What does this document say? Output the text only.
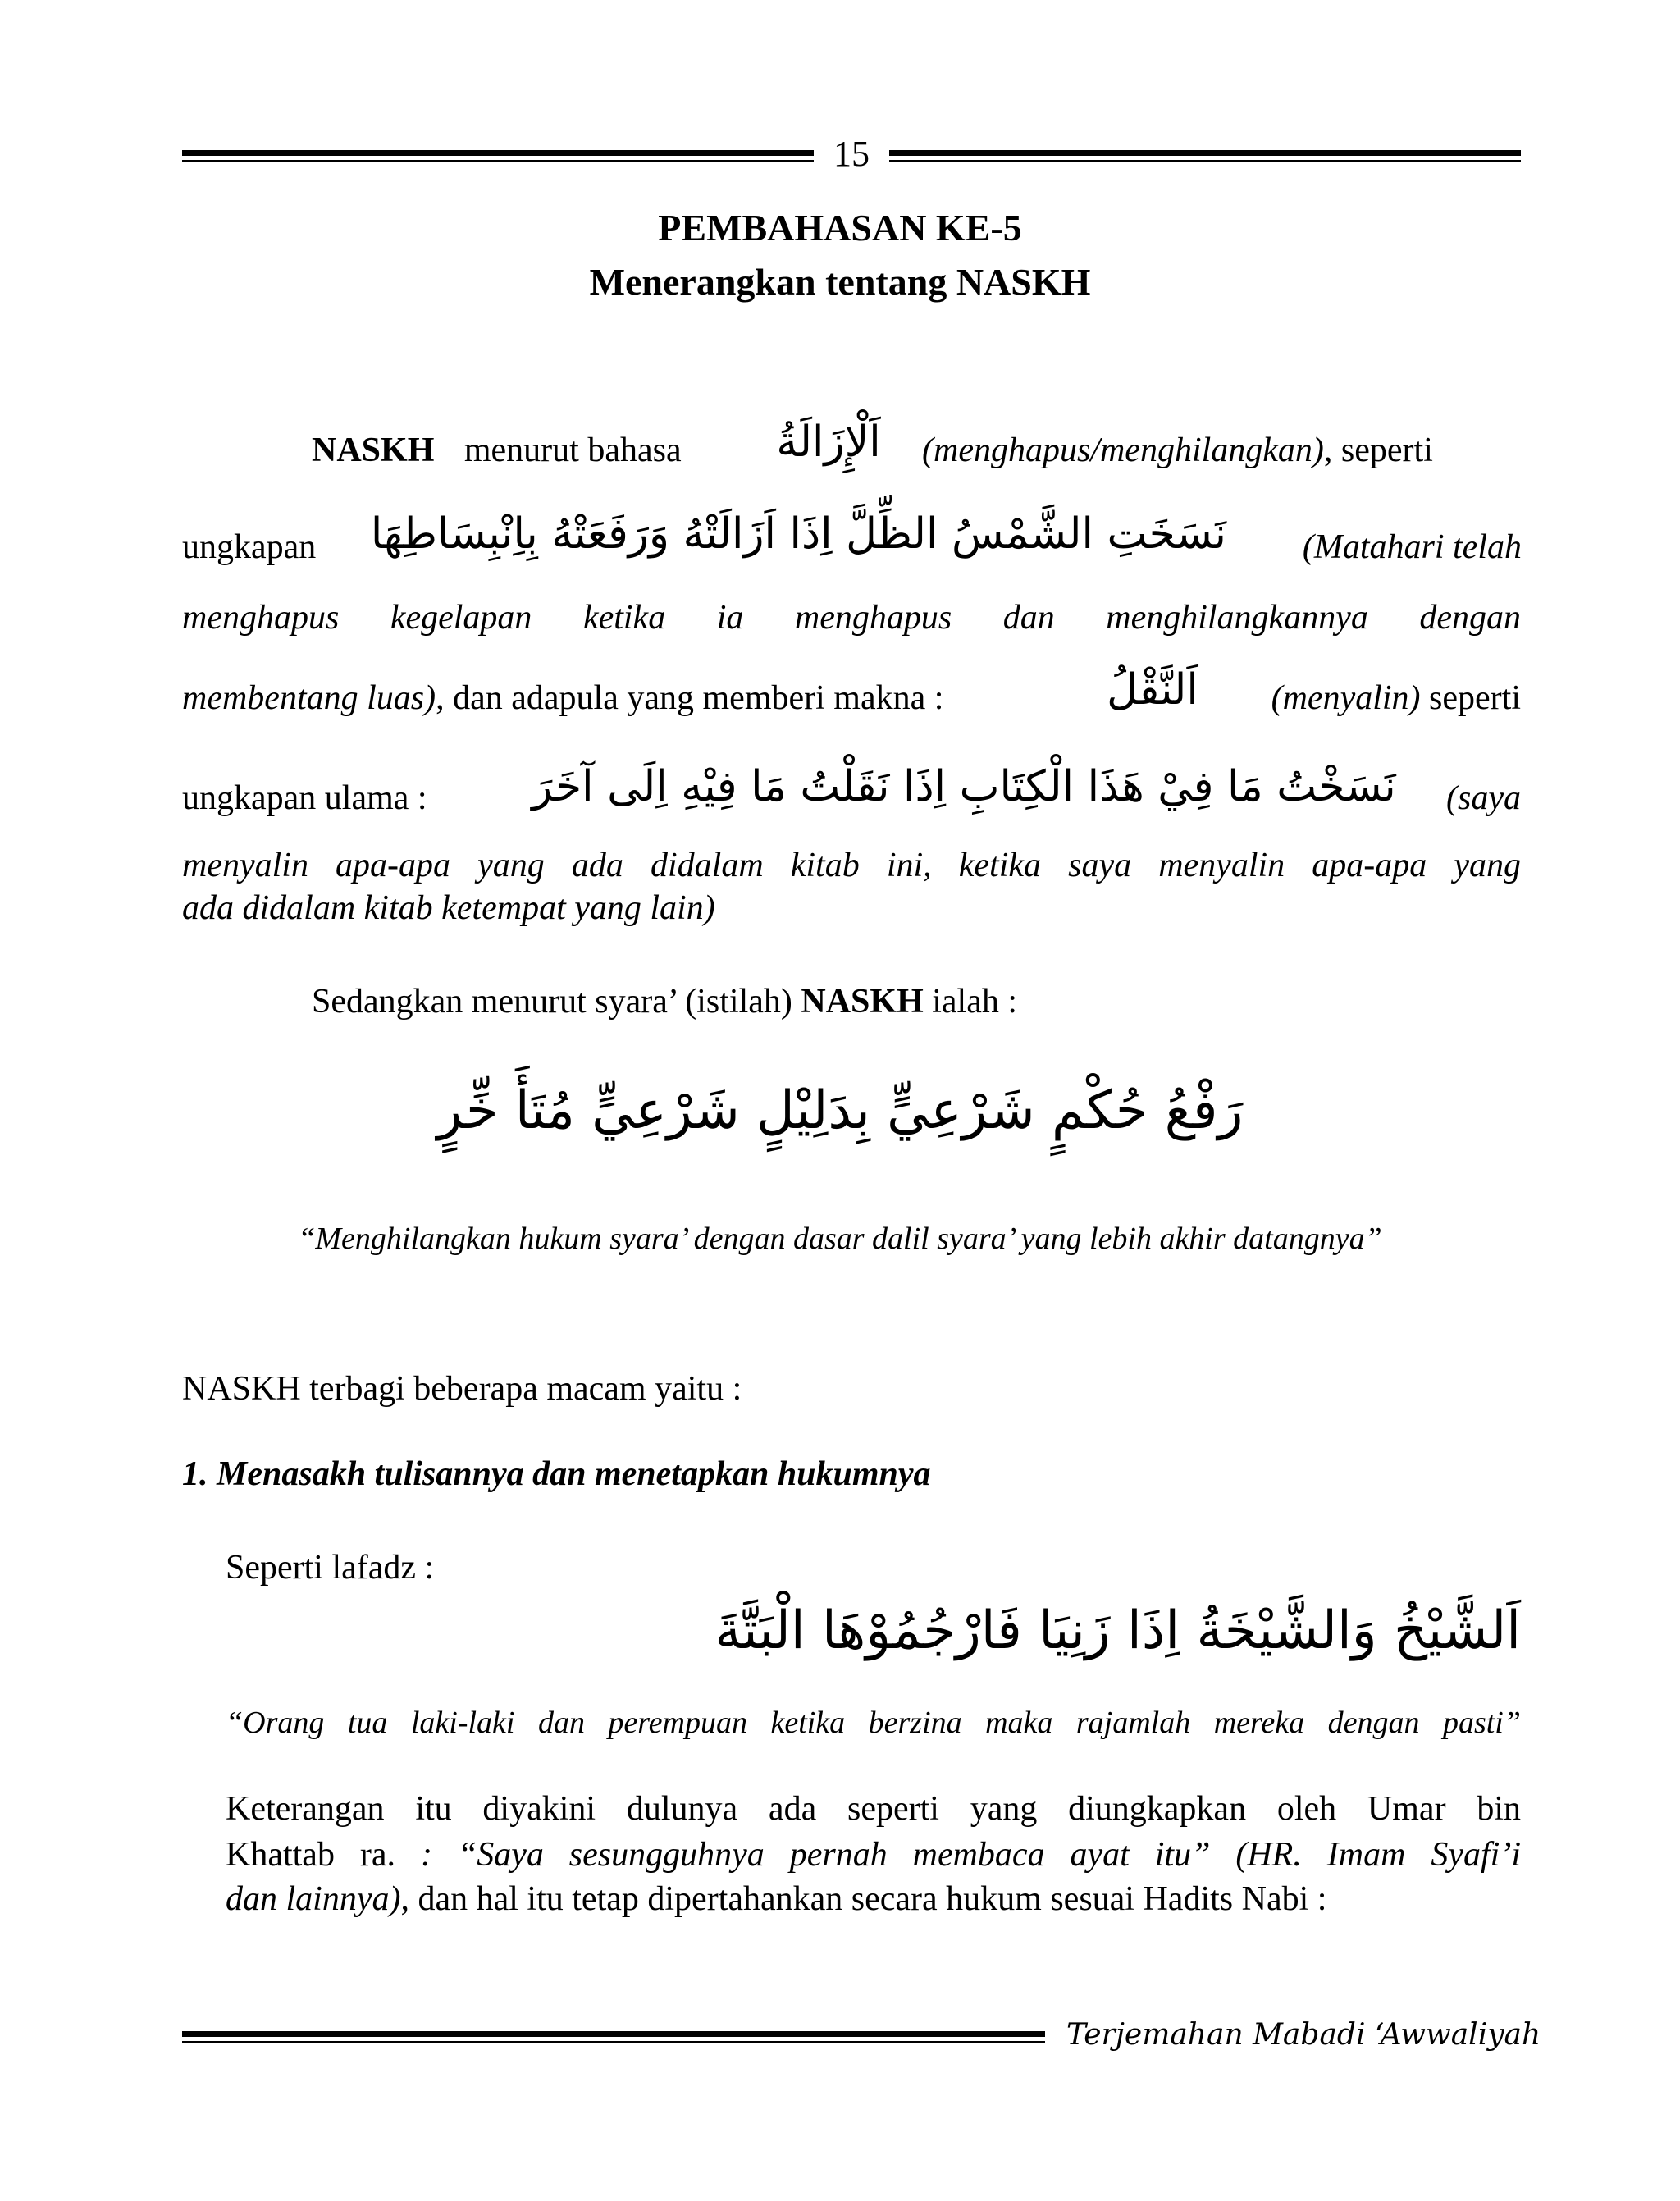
15
PEMBAHASAN KE-5
Menerangkan tentang NASKH
NASKH menurut bahasa	اَلْإِزَالَةُ	(menghapus/menghilangkan), seperti
ungkapan نَسَخَتِ الشَّمْسُ الظِّلَّ اِذَا اَزَالَتْهُ وَرَفَعَتْهُ بِاِنْبِسَاطِهَا	(Matahari telah
menghapus kegelapan ketika ia menghapus dan menghilangkannya dengan
membentang luas), dan adapula yang memberi makna :	اَلنَّقْلُ	(menyalin) seperti
ungkapan ulama :	نَسَخْتُ مَا فِيْ هَذَا الْكِتَابِ اِذَا نَقَلْتُ مَا فِيْهِ اِلَى آخَرَ	(saya
menyalin apa-apa yang ada didalam kitab ini, ketika saya menyalin apa-apa yang
ada didalam kitab ketempat yang lain)
Sedangkan menurut syara’ (istilah) NASKH ialah :
رَفْعُ حُكْمٍ شَرْعِيٍّ بِدَلِيْلٍ شَرْعِيٍّ مُتَأَ خِّرٍ
“Menghilangkan hukum syara’ dengan dasar dalil syara’ yang lebih akhir datangnya”
NASKH terbagi beberapa macam yaitu :
1. Menasakh tulisannya dan menetapkan hukumnya
Seperti lafadz :
اَلشَّيْخُ وَالشَّيْخَةُ اِذَا زَنِيَا فَارْجُمُوْهَا الْبَتَّةَ
“Orang tua laki-laki dan perempuan ketika berzina maka rajamlah mereka dengan pasti”
Keterangan itu diyakini dulunya ada seperti yang diungkapkan oleh Umar bin
Khattab ra. : “Saya sesungguhnya pernah membaca ayat itu” (HR. Imam Syafi’i
dan lainnya), dan hal itu tetap dipertahankan secara hukum sesuai Hadits Nabi :
Terjemahan Mabadi ‘Awwaliyah
